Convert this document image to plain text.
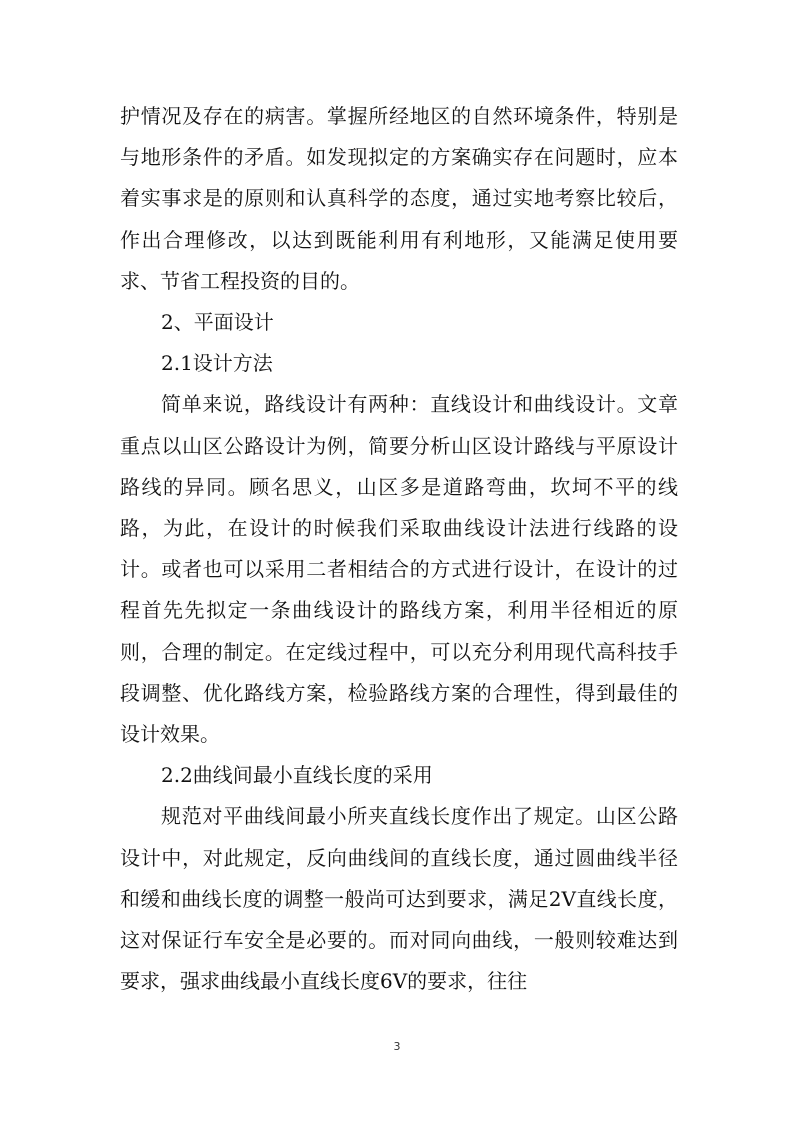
护情况及存在的病害。掌握所经地区的自然环境条件，特别是与地形条件的矛盾。如发现拟定的方案确实存在问题时，应本着实事求是的原则和认真科学的态度，通过实地考察比较后，作出合理修改，以达到既能利用有利地形，又能满足使用要求、节省工程投资的目的。

2、平面设计

2.1设计方法

简单来说，路线设计有两种：直线设计和曲线设计。文章重点以山区公路设计为例，简要分析山区设计路线与平原设计路线的异同。顾名思义，山区多是道路弯曲，坎坷不平的线路，为此，在设计的时候我们采取曲线设计法进行线路的设计。或者也可以采用二者相结合的方式进行设计，在设计的过程首先先拟定一条曲线设计的路线方案，利用半径相近的原则，合理的制定。在定线过程中，可以充分利用现代高科技手段调整、优化路线方案，检验路线方案的合理性，得到最佳的设计效果。

2.2曲线间最小直线长度的采用

规范对平曲线间最小所夹直线长度作出了规定。山区公路设计中，对此规定，反向曲线间的直线长度，通过圆曲线半径和缓和曲线长度的调整一般尚可达到要求，满足2V直线长度，这对保证行车安全是必要的。而对同向曲线，一般则较难达到要求，强求曲线最小直线长度6V的要求，往往

3
